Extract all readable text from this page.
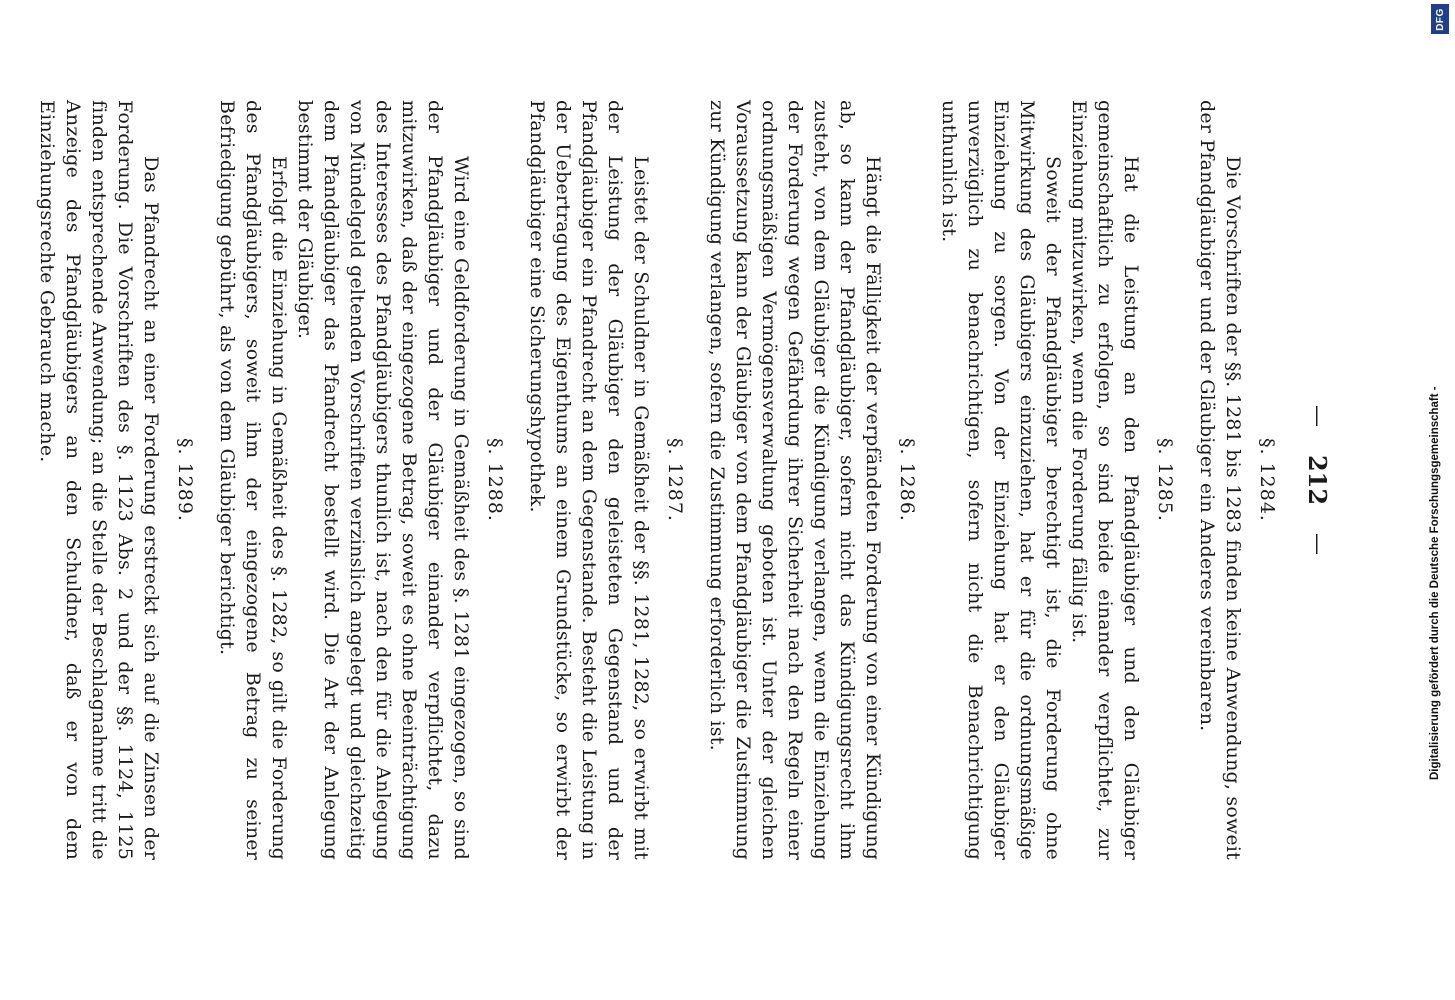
—
212
—

§. 1284.

Die Vorschriften der §§. 1281 bis 1283 finden keine Anwendung, soweit der Pfandgläubiger und der Gläubiger ein Anderes vereinbaren.

§. 1285.

Hat die Leistung an den Pfandgläubiger und den Gläubiger gemeinschaftlich zu erfolgen, so sind beide einander verpflichtet, zur Einziehung mitzuwirken, wenn die Forderung fällig ist.

Soweit der Pfandgläubiger berechtigt ist, die Forderung ohne Mitwirkung des Gläubigers einzuziehen, hat er für die ordnungsmäßige Einziehung zu sorgen. Von der Einziehung hat er den Gläubiger unverzüglich zu benachrichtigen, sofern nicht die Benachrichtigung unthunlich ist.

§. 1286.

Hängt die Fälligkeit der verpfändeten Forderung von einer Kündigung ab, so kann der Pfandgläubiger, sofern nicht das Kündigungsrecht ihm zusteht, von dem Gläubiger die Kündigung verlangen, wenn die Einziehung der Forderung wegen Gefährdung ihrer Sicherheit nach den Regeln einer ordnungsmäßigen Vermögensverwaltung geboten ist. Unter der gleichen Voraussetzung kann der Gläubiger von dem Pfandgläubiger die Zustimmung zur Kündigung verlangen, sofern die Zustimmung erforderlich ist.

§. 1287.

Leistet der Schuldner in Gemäßheit der §§. 1281, 1282, so erwirbt mit der Leistung der Gläubiger den geleisteten Gegenstand und der Pfandgläubiger ein Pfandrecht an dem Gegenstande. Besteht die Leistung in der Uebertragung des Eigenthums an einem Grundstücke, so erwirbt der Pfandgläubiger eine Sicherungshypothek.

§. 1288.

Wird eine Geldforderung in Gemäßheit des §. 1281 eingezogen, so sind der Pfandgläubiger und der Gläubiger einander verpflichtet, dazu mitzuwirken, daß der eingezogene Betrag, soweit es ohne Beeinträchtigung des Interesses des Pfandgläubigers thunlich ist, nach den für die Anlegung von Mündelgeld geltenden Vorschriften verzinslich angelegt und gleichzeitig dem Pfandgläubiger das Pfandrecht bestellt wird. Die Art der Anlegung bestimmt der Gläubiger.

Erfolgt die Einziehung in Gemäßheit des §. 1282, so gilt die Forderung des Pfandgläubigers, soweit ihm der eingezogene Betrag zu seiner Befriedigung gebührt, als von dem Gläubiger berichtigt.

§. 1289.

Das Pfandrecht an einer Forderung erstreckt sich auf die Zinsen der Forderung. Die Vorschriften des §. 1123 Abs. 2 und der §§. 1124, 1125 finden entsprechende Anwendung; an die Stelle der Beschlagnahme tritt die Anzeige des Pfandgläubigers an den Schuldner, daß er von dem Einziehungsrechte Gebrauch mache.

DFG
Digitalisierung gefördert durch die Deutsche Forschungsgemeinschaft -
